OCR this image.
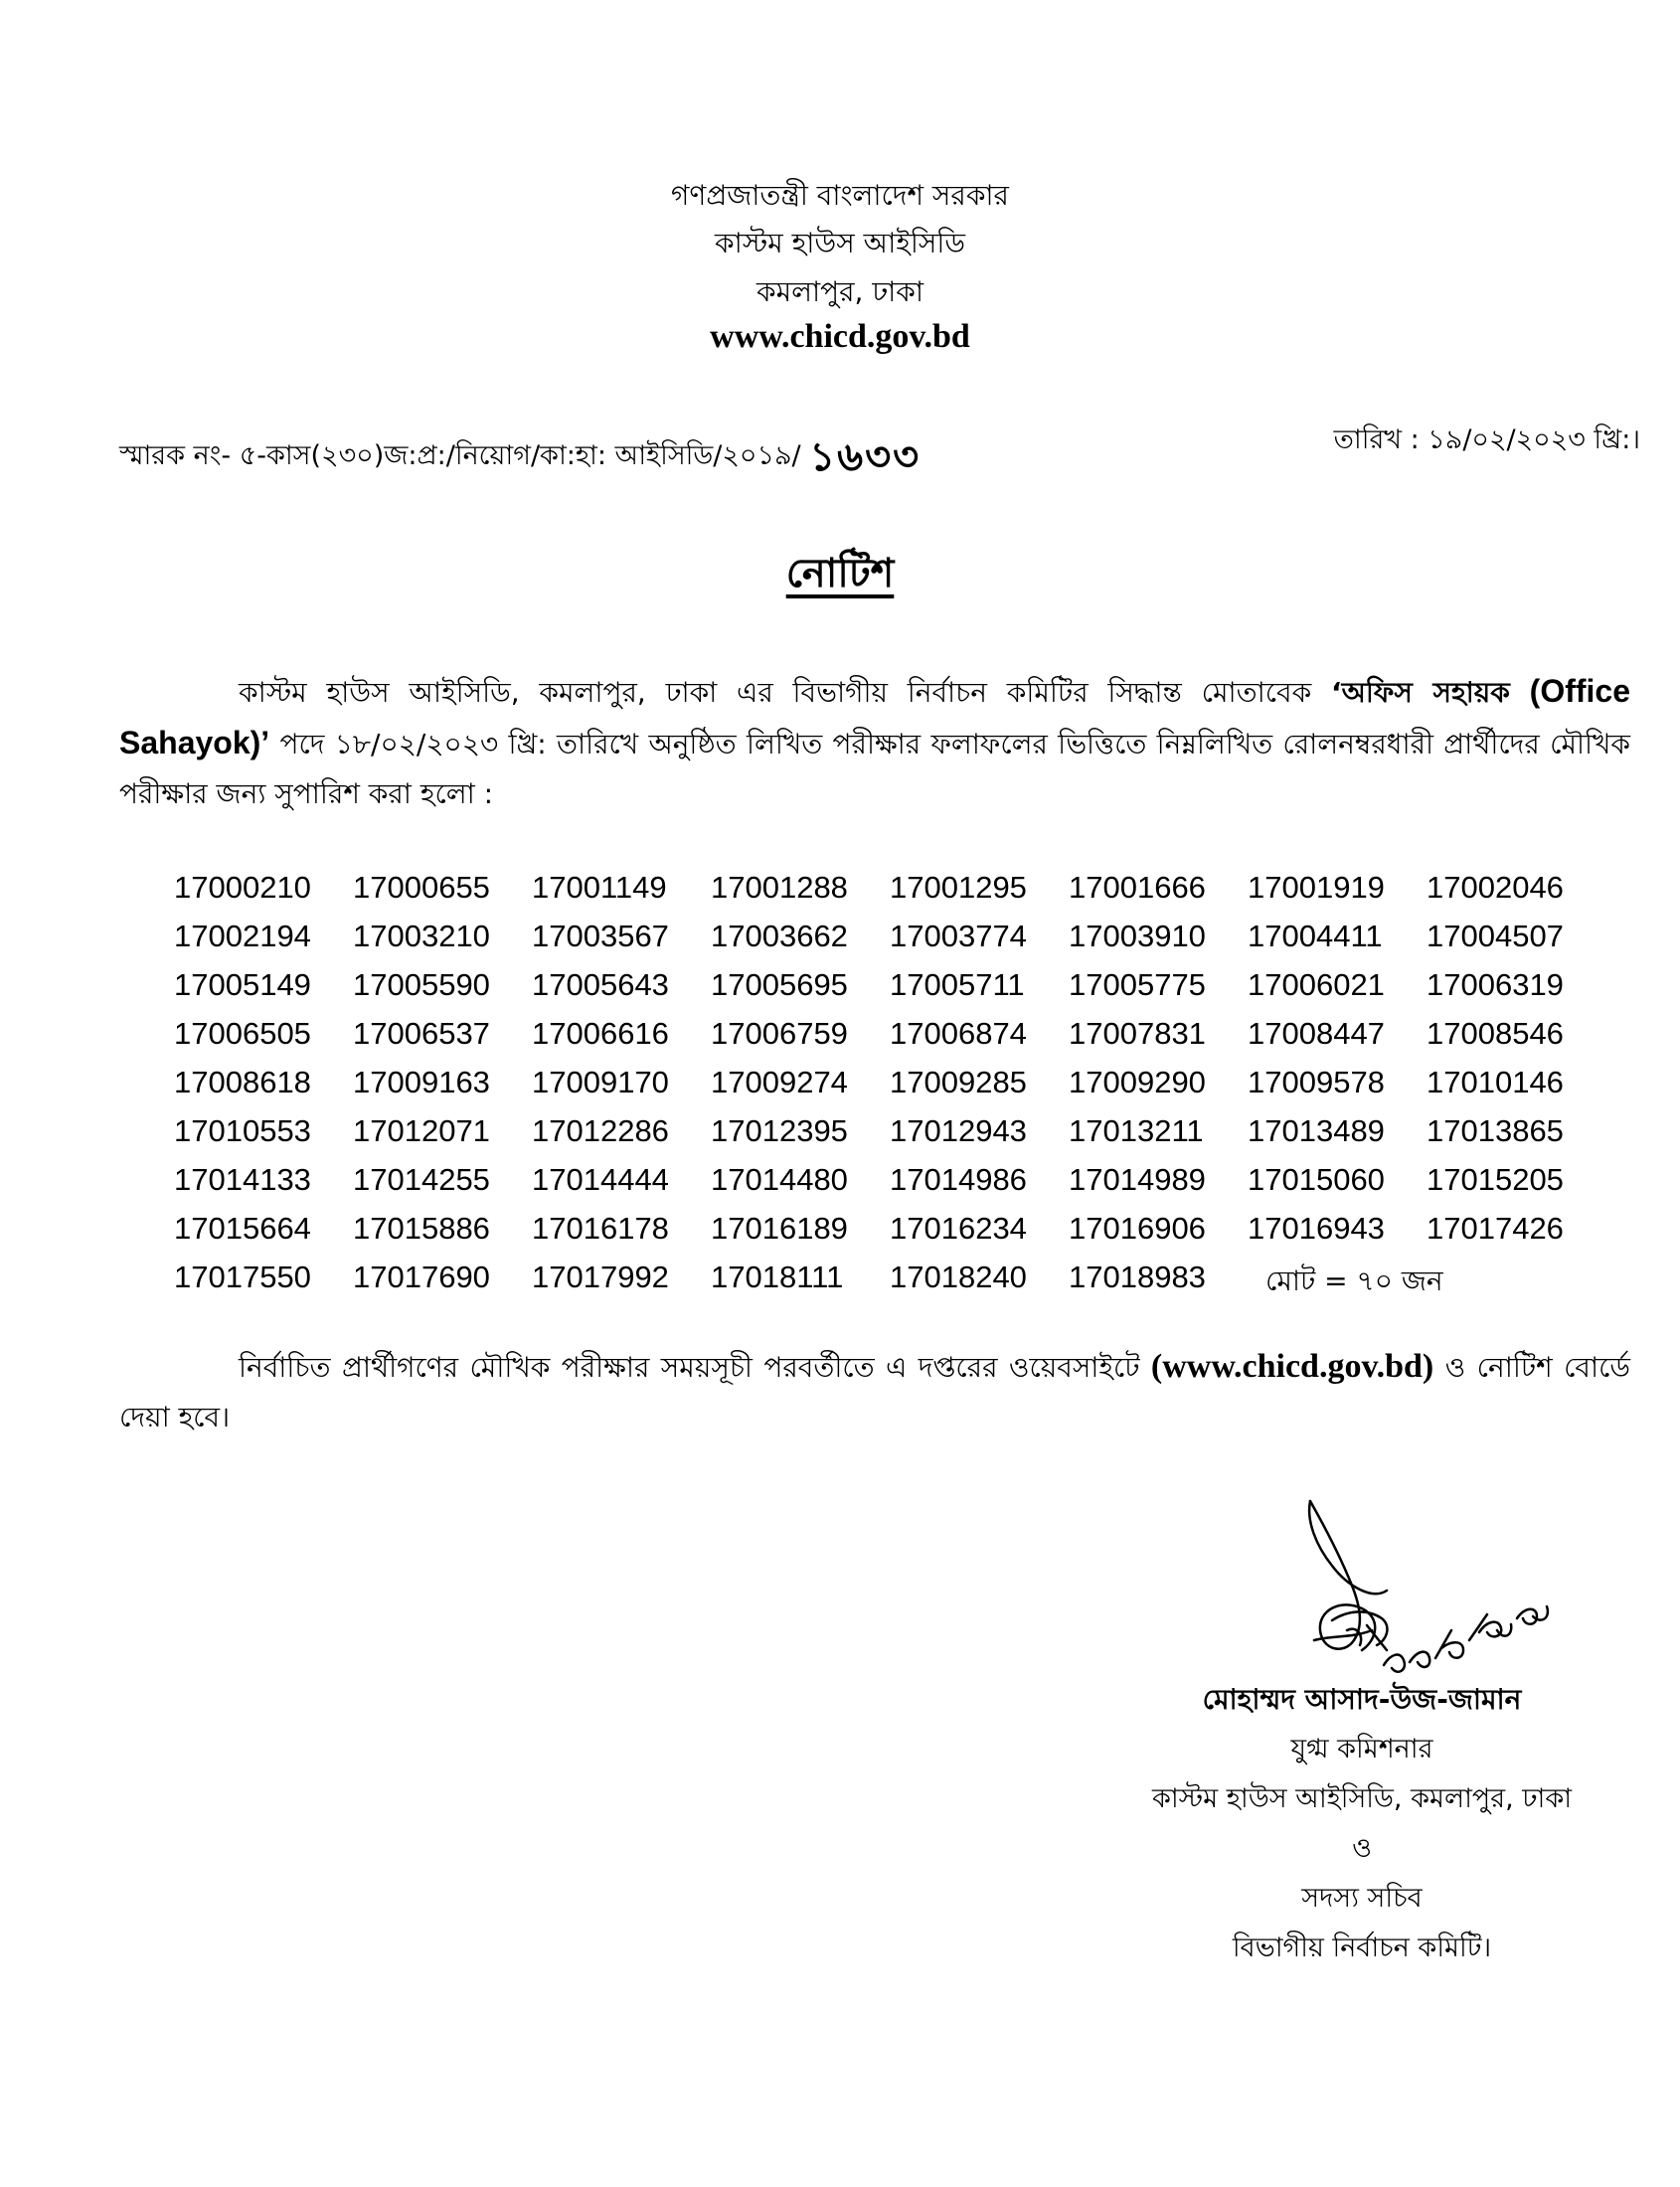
গণপ্রজাতন্ত্রী বাংলাদেশ সরকার
কাস্টম হাউস আইসিডি
কমলাপুর, ঢাকা
www.chicd.gov.bd
স্মারক নং- ৫-কাস(২৩০)জ:প্র:/নিয়োগ/কা:হা: আইসিডি/২০১৯/ ১৬৩৩	তারিখ : ১৯/০২/২০২৩ খ্রি:।
নোটিশ
কাস্টম হাউস আইসিডি, কমলাপুর, ঢাকা এর বিভাগীয় নির্বাচন কমিটির সিদ্ধান্ত মোতাবেক ‘অফিস সহায়ক (Office Sahayok)’ পদে ১৮/০২/২০২৩ খ্রি: তারিখে অনুষ্ঠিত লিখিত পরীক্ষার ফলাফলের ভিত্তিতে নিম্নলিখিত রোলনম্বরধারী প্রার্থীদের মৌখিক পরীক্ষার জন্য সুপারিশ করা হলো :
17000210	17000655	17001149	17001288	17001295	17001666	17001919	17002046
17002194	17003210	17003567	17003662	17003774	17003910	17004411	17004507
17005149	17005590	17005643	17005695	17005711	17005775	17006021	17006319
17006505	17006537	17006616	17006759	17006874	17007831	17008447	17008546
17008618	17009163	17009170	17009274	17009285	17009290	17009578	17010146
17010553	17012071	17012286	17012395	17012943	17013211	17013489	17013865
17014133	17014255	17014444	17014480	17014986	17014989	17015060	17015205
17015664	17015886	17016178	17016189	17016234	17016906	17016943	17017426
17017550	17017690	17017992	17018111	17018240	17018983	মোট = ৭০ জন
নির্বাচিত প্রার্থীগণের মৌখিক পরীক্ষার সময়সূচী পরবর্তীতে এ দপ্তরের ওয়েবসাইটে (www.chicd.gov.bd) ও নোটিশ বোর্ডে দেয়া হবে।
মোহাম্মদ আসাদ-উজ-জামান
যুগ্ম কমিশনার
কাস্টম হাউস আইসিডি, কমলাপুর, ঢাকা
ও
সদস্য সচিব
বিভাগীয় নির্বাচন কমিটি।
